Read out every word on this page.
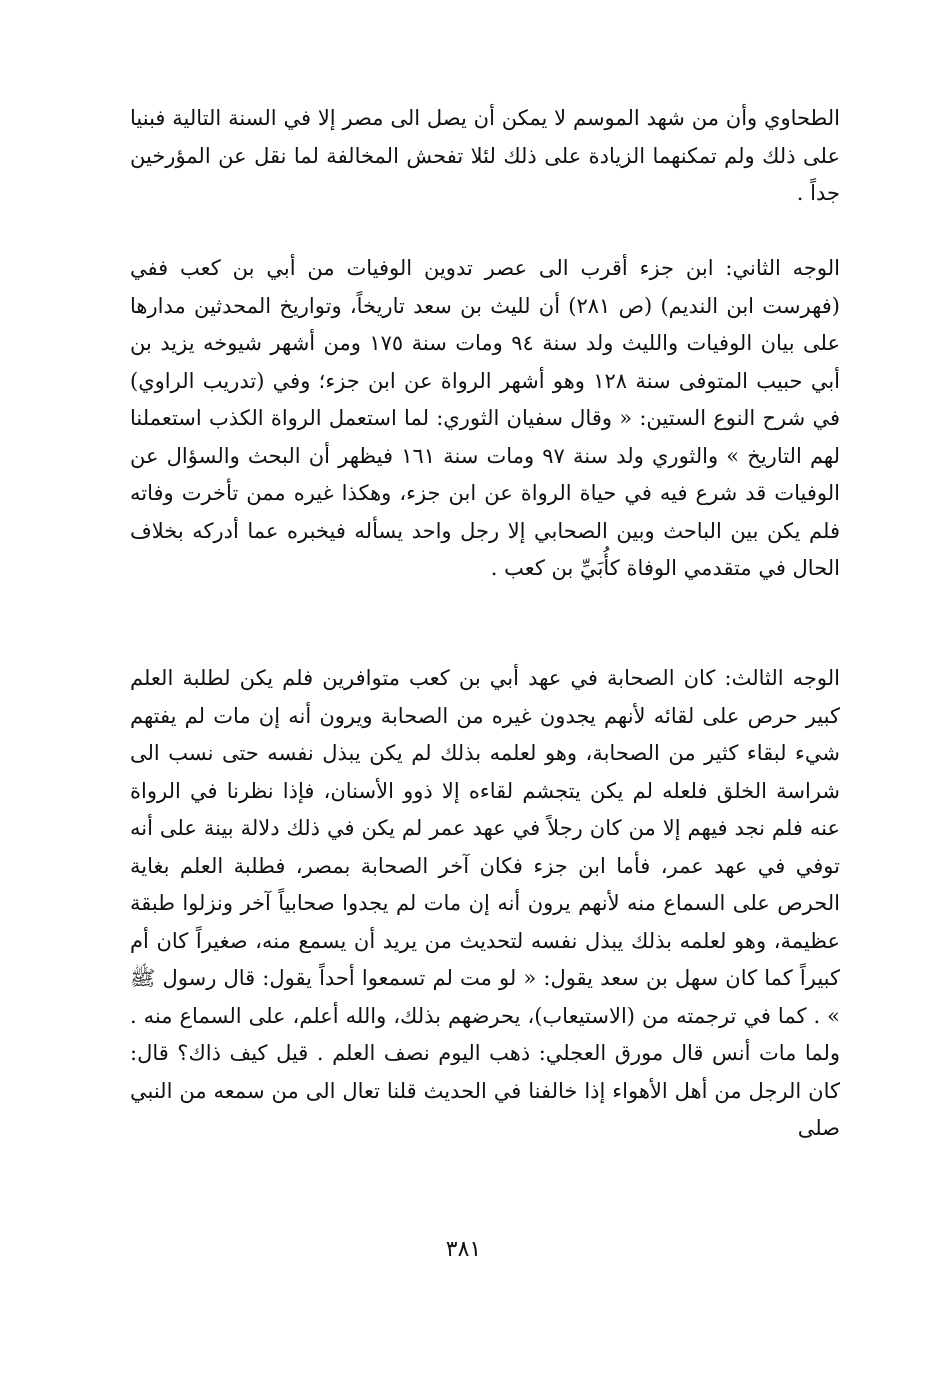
الطحاوي وأن من شهد الموسم لا يمكن أن يصل الى مصر إلا في السنة التالية فبنيا على ذلك ولم تمكنهما الزيادة على ذلك لئلا تفحش المخالفة لما نقل عن المؤرخين جداً .

الوجه الثاني: ابن جزء أقرب الى عصر تدوين الوفيات من أبي بن كعب ففي (فهرست ابن النديم) (ص ٢٨١) أن لليث بن سعد تاريخاً، وتواريخ المحدثين مدارها على بيان الوفيات والليث ولد سنة ٩٤ ومات سنة ١٧٥ ومن أشهر شيوخه يزيد بن أبي حبيب المتوفى سنة ١٢٨ وهو أشهر الرواة عن ابن جزء؛ وفي (تدريب الراوي) في شرح النوع الستين: « وقال سفيان الثوري: لما استعمل الرواة الكذب استعملنا لهم التاريخ » والثوري ولد سنة ٩٧ ومات سنة ١٦١ فيظهر أن البحث والسؤال عن الوفيات قد شرع فيه في حياة الرواة عن ابن جزء، وهكذا غيره ممن تأخرت وفاته فلم يكن بين الباحث وبين الصحابي إلا رجل واحد يسأله فيخبره عما أدركه بخلاف الحال في متقدمي الوفاة كأُبَيِّ بن كعب .

الوجه الثالث: كان الصحابة في عهد أبي بن كعب متوافرين فلم يكن لطلبة العلم كبير حرص على لقائه لأنهم يجدون غيره من الصحابة ويرون أنه إن مات لم يفتهم شيء لبقاء كثير من الصحابة، وهو لعلمه بذلك لم يكن يبذل نفسه حتى نسب الى شراسة الخلق فلعله لم يكن يتجشم لقاءه إلا ذوو الأسنان، فإذا نظرنا في الرواة عنه فلم نجد فيهم إلا من كان رجلاً في عهد عمر لم يكن في ذلك دلالة بينة على أنه توفي في عهد عمر، فأما ابن جزء فكان آخر الصحابة بمصر، فطلبة العلم بغاية الحرص على السماع منه لأنهم يرون أنه إن مات لم يجدوا صحابياً آخر ونزلوا طبقة عظيمة، وهو لعلمه بذلك يبذل نفسه لتحديث من يريد أن يسمع منه، صغيراً كان أم كبيراً كما كان سهل بن سعد يقول: « لو مت لم تسمعوا أحداً يقول: قال رسول ﷺ » . كما في ترجمته من (الاستيعاب)، يحرضهم بذلك، والله أعلم، على السماع منه . ولما مات أنس قال مورق العجلي: ذهب اليوم نصف العلم . قيل كيف ذاك؟ قال: كان الرجل من أهل الأهواء إذا خالفنا في الحديث قلنا تعال الى من سمعه من النبي صلى

٣٨١
